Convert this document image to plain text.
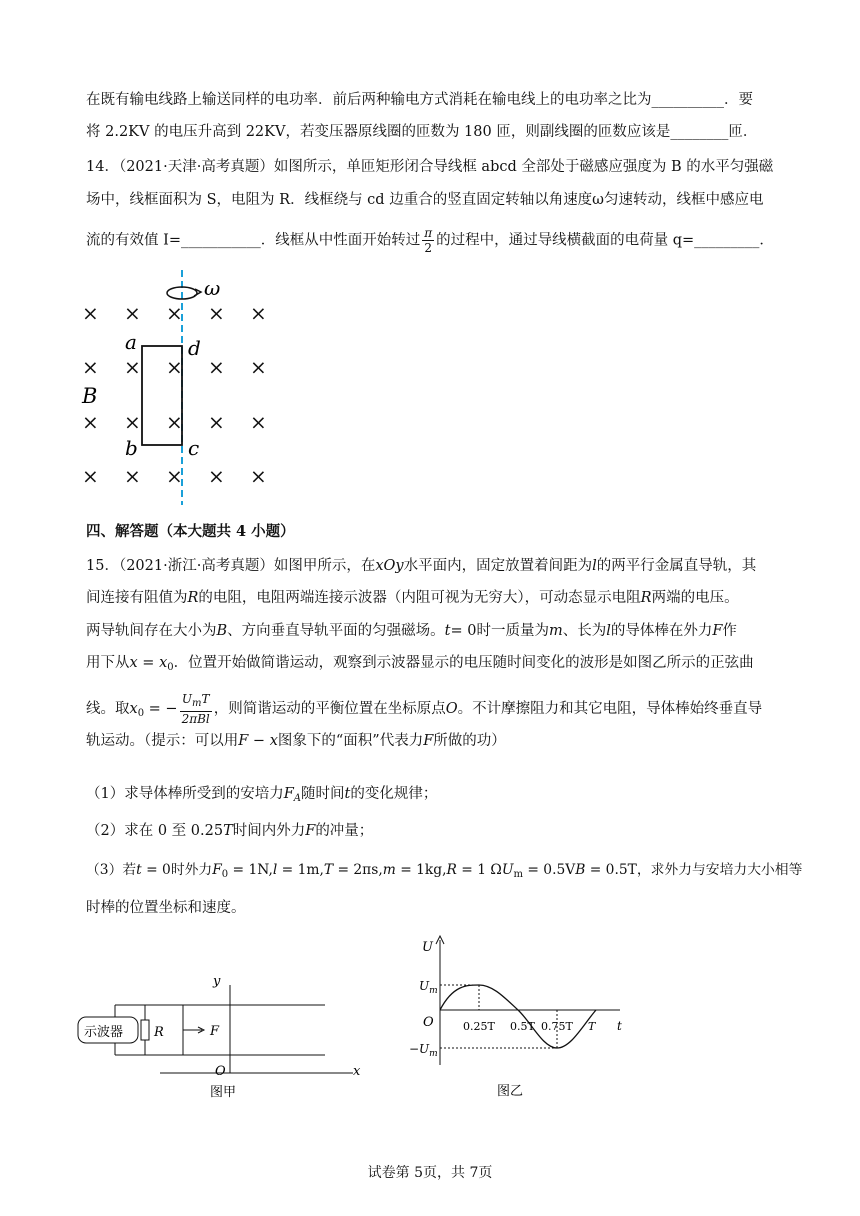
在既有输电线路上输送同样的电功率．前后两种输电方式消耗在输电线上的电功率之比为__________．要
将 2.2KV 的电压升高到 22KV，若变压器原线圈的匝数为 180 匝，则副线圈的匝数应该是________匝．
14．（2021·天津·高考真题）如图所示，单匝矩形闭合导线框 abcd 全部处于磁感应强度为 B 的水平匀强磁
场中，线框面积为 S，电阻为 R．线框绕与 cd 边重合的竖直固定转轴以角速度ω匀速转动，线框中感应电
流的有效值 I=___________．线框从中性面开始转过 $\frac{\pi}{2}$ 的过程中，通过导线横截面的电荷量 q=_________．
× × × × ×
× × × × ×
× × × ×
×
× × × × ×
ω
a	d
b	c
B
四、解答题（本大题共 4 小题）
15．（2021·浙江·高考真题）如图甲所示，在xOy水平面内，固定放置着间距为l的两平行金属直导轨，其
间连接有阻值为R的电阻，电阻两端连接示波器（内阻可视为无穷大），可动态显示电阻R两端的电压。
两导轨间存在大小为B、方向垂直导轨平面的匀强磁场。t= 0时一质量为m、长为l的导体棒在外力F作
用下从$x = x_0$．位置开始做简谐运动，观察到示波器显示的电压随时间变化的波形是如图乙所示的正弦曲
线。取$x_0$ = − $\frac{U_mT}{\text{2πBl}}$ ，则简谐运动的平衡位置在坐标原点O。不计摩擦阻力和其它电阻，导体棒始终垂直导
轨运动。（提示：可以用F − x图象下的“面积”代表力F所做的功）
（1）求导体棒所受到的安培力$F_A$随时间t的变化规律；
（2）求在 0 至 0.25T时间内外力F的冲量；
（3）若t = 0时外力$F_0 = 1N,l = 1m,T = 2\pi s,m = 1kg,R = 1$ $\Omega U_m = 0.5VB = 0.5T$，求外力与安培力大小相等
时棒的位置坐标和速度。
示波器 R	F
y
O	x
图甲
U
O
$U_m$
$-U_m$
0.25T 0.5T 0.75T T t
图乙
试卷第 5页，共 7页
